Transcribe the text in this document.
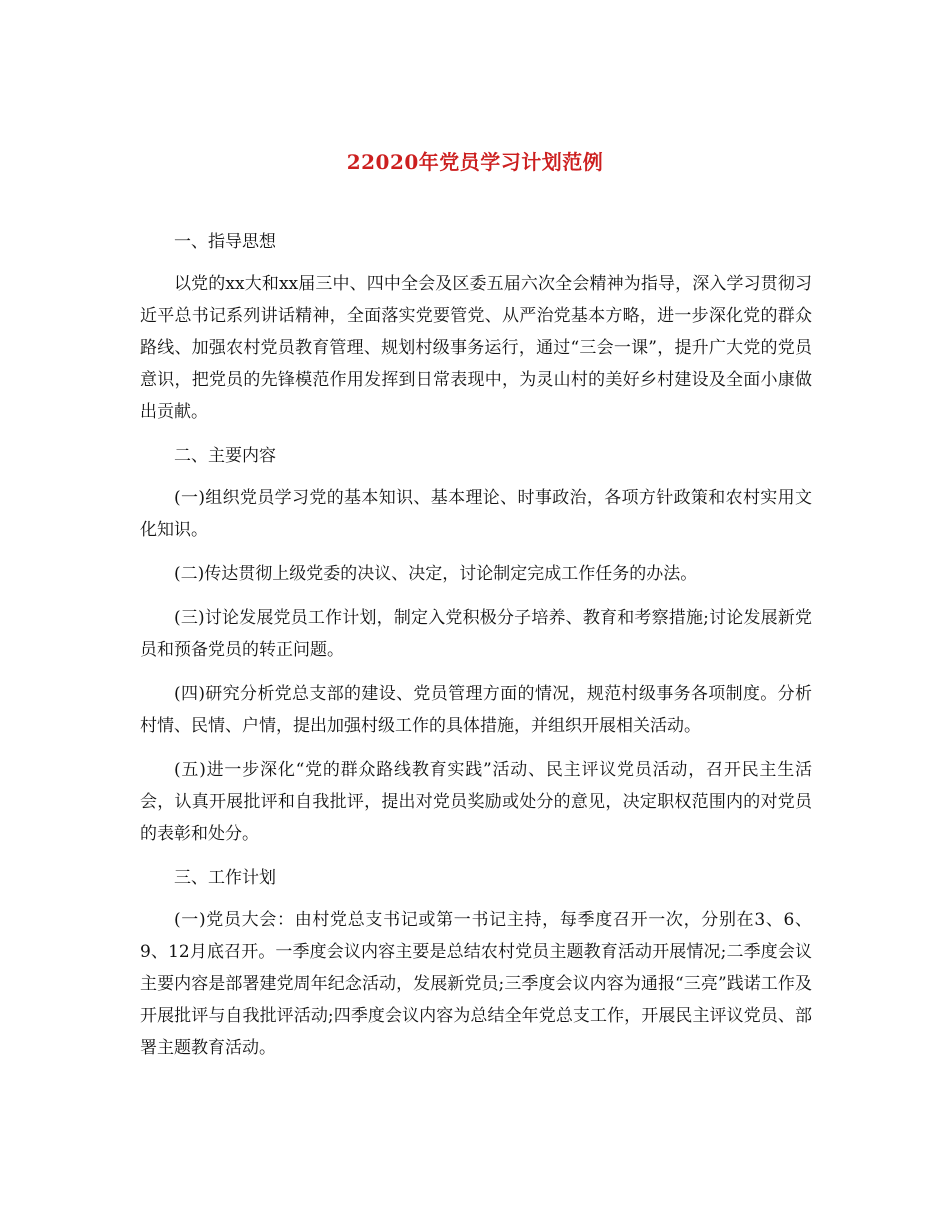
22020年党员学习计划范例
一、指导思想

以党的xx大和xx届三中、四中全会及区委五届六次全会精神为指导，深入学习贯彻习近平总书记系列讲话精神，全面落实党要管党、从严治党基本方略，进一步深化党的群众路线、加强农村党员教育管理、规划村级事务运行，通过“三会一课”，提升广大党的党员意识，把党员的先锋模范作用发挥到日常表现中，为灵山村的美好乡村建设及全面小康做出贡献。

二、主要内容

(一)组织党员学习党的基本知识、基本理论、时事政治，各项方针政策和农村实用文化知识。

(二)传达贯彻上级党委的决议、决定，讨论制定完成工作任务的办法。

(三)讨论发展党员工作计划，制定入党积极分子培养、教育和考察措施;讨论发展新党员和预备党员的转正问题。

(四)研究分析党总支部的建设、党员管理方面的情况，规范村级事务各项制度。分析村情、民情、户情，提出加强村级工作的具体措施，并组织开展相关活动。

(五)进一步深化“党的群众路线教育实践”活动、民主评议党员活动，召开民主生活会，认真开展批评和自我批评，提出对党员奖励或处分的意见，决定职权范围内的对党员的表彰和处分。

三、工作计划

(一)党员大会：由村党总支书记或第一书记主持，每季度召开一次，分别在3、6、9、12月底召开。一季度会议内容主要是总结农村党员主题教育活动开展情况;二季度会议主要内容是部署建党周年纪念活动，发展新党员;三季度会议内容为通报“三亮”践诺工作及开展批评与自我批评活动;四季度会议内容为总结全年党总支工作，开展民主评议党员、部署主题教育活动。
